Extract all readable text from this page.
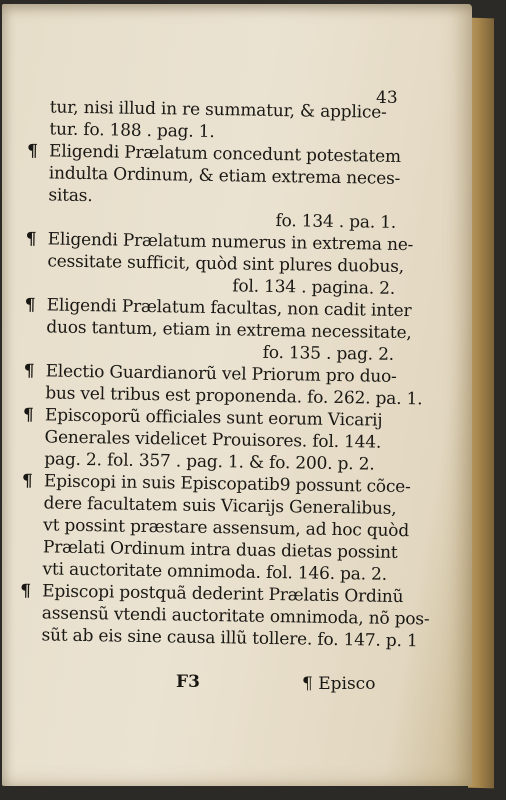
43
tur, nisi illud in re summatur, & applice-
tur. fo. 188 . pag. 1.
¶ Eligendi Prælatum concedunt potestatem
indulta Ordinum, & etiam extrema neces-
sitas.
fo. 134 . pa. 1.
¶ Eligendi Prælatum numerus in extrema ne-
cessitate sufficit, quòd sint plures duobus,
fol. 134 . pagina. 2.
¶ Eligendi Prælatum facultas, non cadit inter
duos tantum, etiam in extrema necessitate,
fo. 135 . pag. 2.
¶ Electio Guardianorũ vel Priorum pro duo-
bus vel tribus est proponenda. fo. 262. pa. 1.
¶ Episcoporũ officiales sunt eorum Vicarij
Generales videlicet Prouisores. fol. 144.
pag. 2. fol. 357 . pag. 1. & fo. 200. p. 2.
¶ Episcopi in suis Episcopatib9 possunt cõce-
dere facultatem suis Vicarijs Generalibus,
vt possint præstare assensum, ad hoc quòd
Prælati Ordinum intra duas dietas possint
vti auctoritate omnimoda. fol. 146. pa. 2.
¶ Episcopi postquã dederint Prælatis Ordinũ
assensũ vtendi auctoritate omnimoda, nõ pos-
sũt ab eis sine causa illũ tollere. fo. 147. p. 1
F3	¶ Episco
